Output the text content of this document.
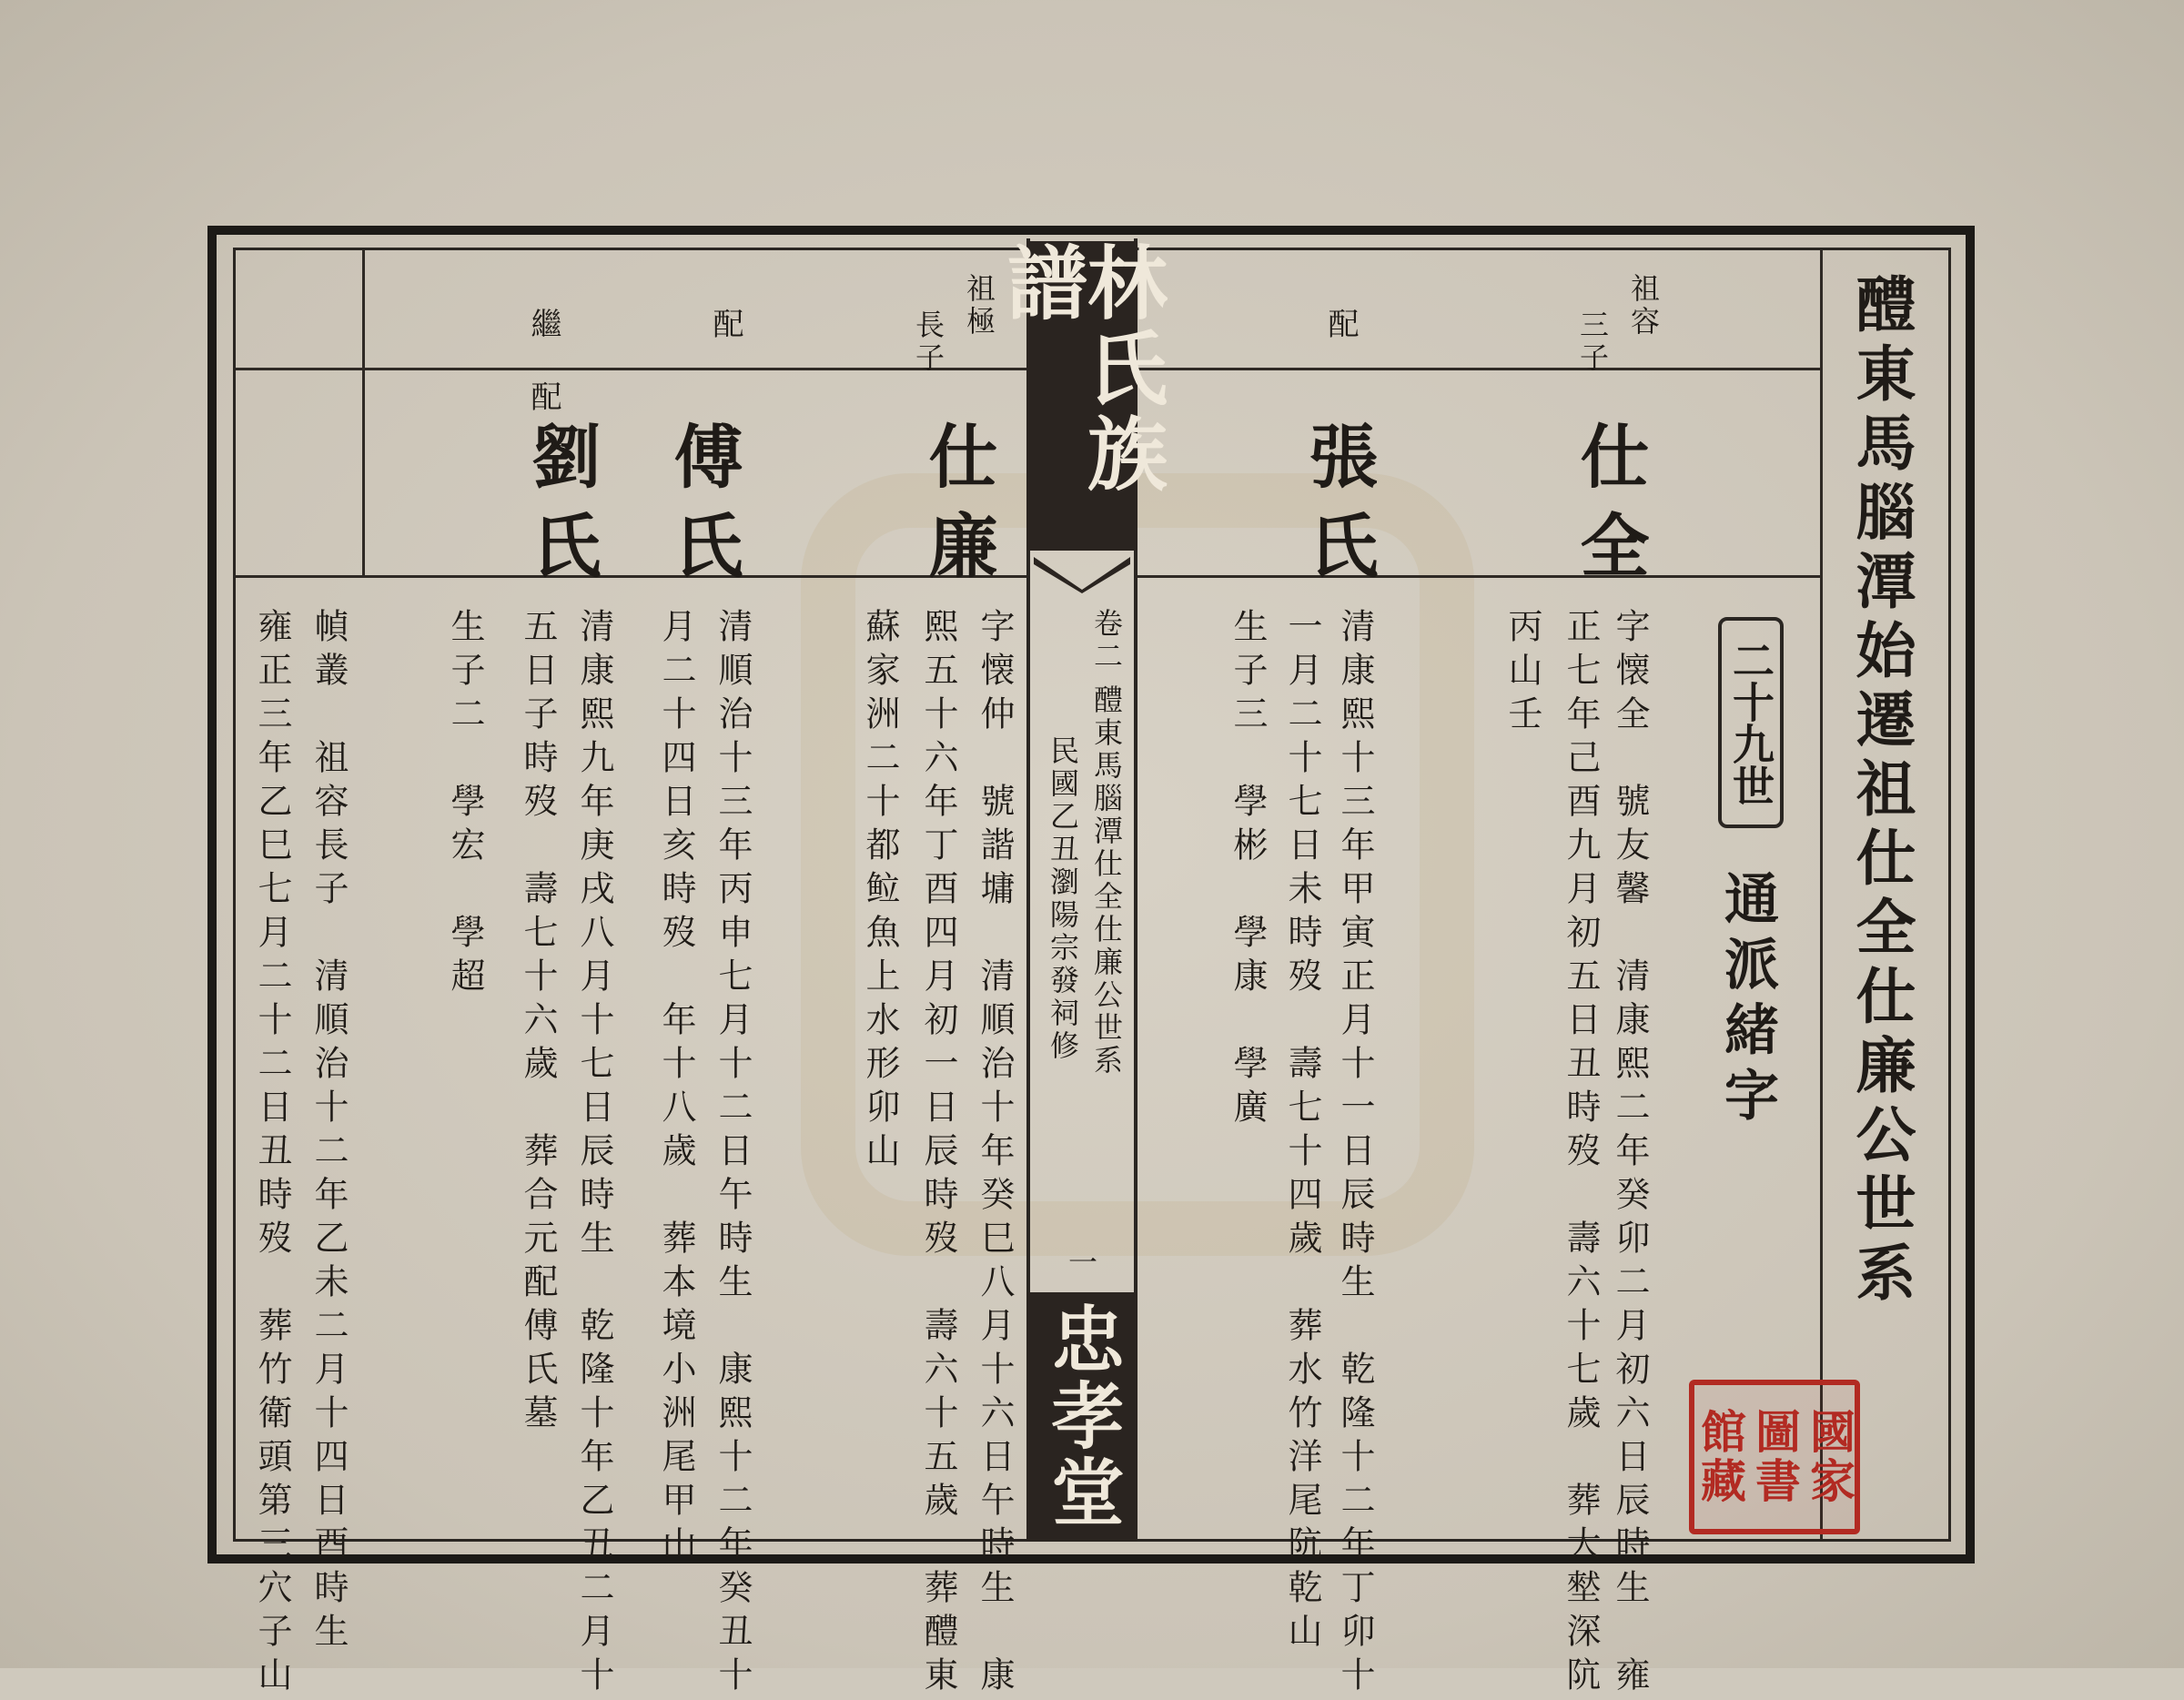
醴東馬腦潭始遷祖仕全仕廉公世系
二十九世
通派緒字
祖容
三子
仕全
字懐全　號友馨　清康熙二年癸卯二月初六日辰時生　雍
正七年己酉九月初五日丑時歿　壽六十七歲　葬大㙬深阬
丙山壬
配
張氏
清康熙十三年甲寅正月十一日辰時生　乾隆十二年丁卯十
一月二十七日未時歿　壽七十四歲　葬水竹洋尾阬乾山
生子三　學彬　學康　學廣
林氏族譜
卷二
醴東馬腦潭仕全仕廉公世系
民國乙丑瀏陽宗發祠修
一
忠孝堂
祖極
長子
仕廉
字懐仲　號諧墉　清順治十年癸巳八月十六日午時生　康
熙五十六年丁酉四月初一日辰時歿　壽六十五歲　葬醴東
蘇家洲二十都䲞魚上水形卯山
配
傅氏
清順治十三年丙申七月十二日午時生　康熙十二年癸丑十
月二十四日亥時歿　年十八歲　葬本境小洲尾甲山
繼　配
劉氏
清康熙九年庚戌八月十七日辰時生　乾隆十年乙丑二月十
五日子時歿　壽七十六歲　葬合元配傅氏墓
生子二　學宏　學超
幀叢　祖容長子　清順治十二年乙未二月十四日酉時生
雍正三年乙巳七月二十二日丑時歿　葬竹衛頭第三穴子山	國家圖書館藏
